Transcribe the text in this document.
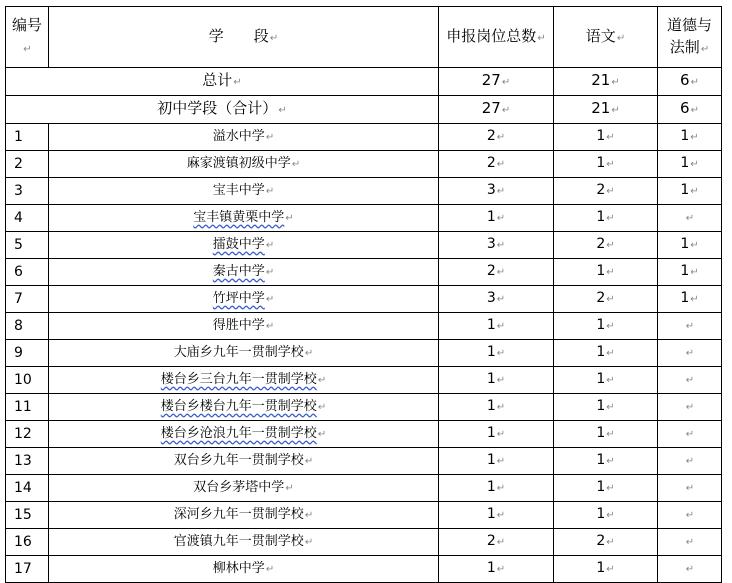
编号↵	学　　段↵	申报岗位总数↵	语文↵	道德与法制↵
总计↵		27↵	21↵	6↵
初中学段（合计）↵		27↵	21↵	6↵
1	溢水中学↵	2↵	1↵	1↵
2	麻家渡镇初级中学↵	2↵	1↵	1↵
3	宝丰中学↵	3↵	2↵	1↵
4	宝丰镇黄栗中学↵	1↵	1↵	↵
5	擂鼓中学↵	3↵	2↵	1↵
6	秦古中学↵	2↵	1↵	1↵
7	竹坪中学↵	3↵	2↵	1↵
8	得胜中学↵	1↵	1↵	↵
9	大庙乡九年一贯制学校↵	1↵	1↵	↵
10	楼台乡三台九年一贯制学校↵	1↵	1↵	↵
11	楼台乡楼台九年一贯制学校↵	1↵	1↵	↵
12	楼台乡沧浪九年一贯制学校↵	1↵	1↵	↵
13	双台乡九年一贯制学校↵	1↵	1↵	↵
14	双台乡茅塔中学↵	1↵	1↵	↵
15	深河乡九年一贯制学校↵	1↵	1↵	↵
16	官渡镇九年一贯制学校↵	2↵	2↵	↵
17	柳林中学↵	1↵	1↵	↵
